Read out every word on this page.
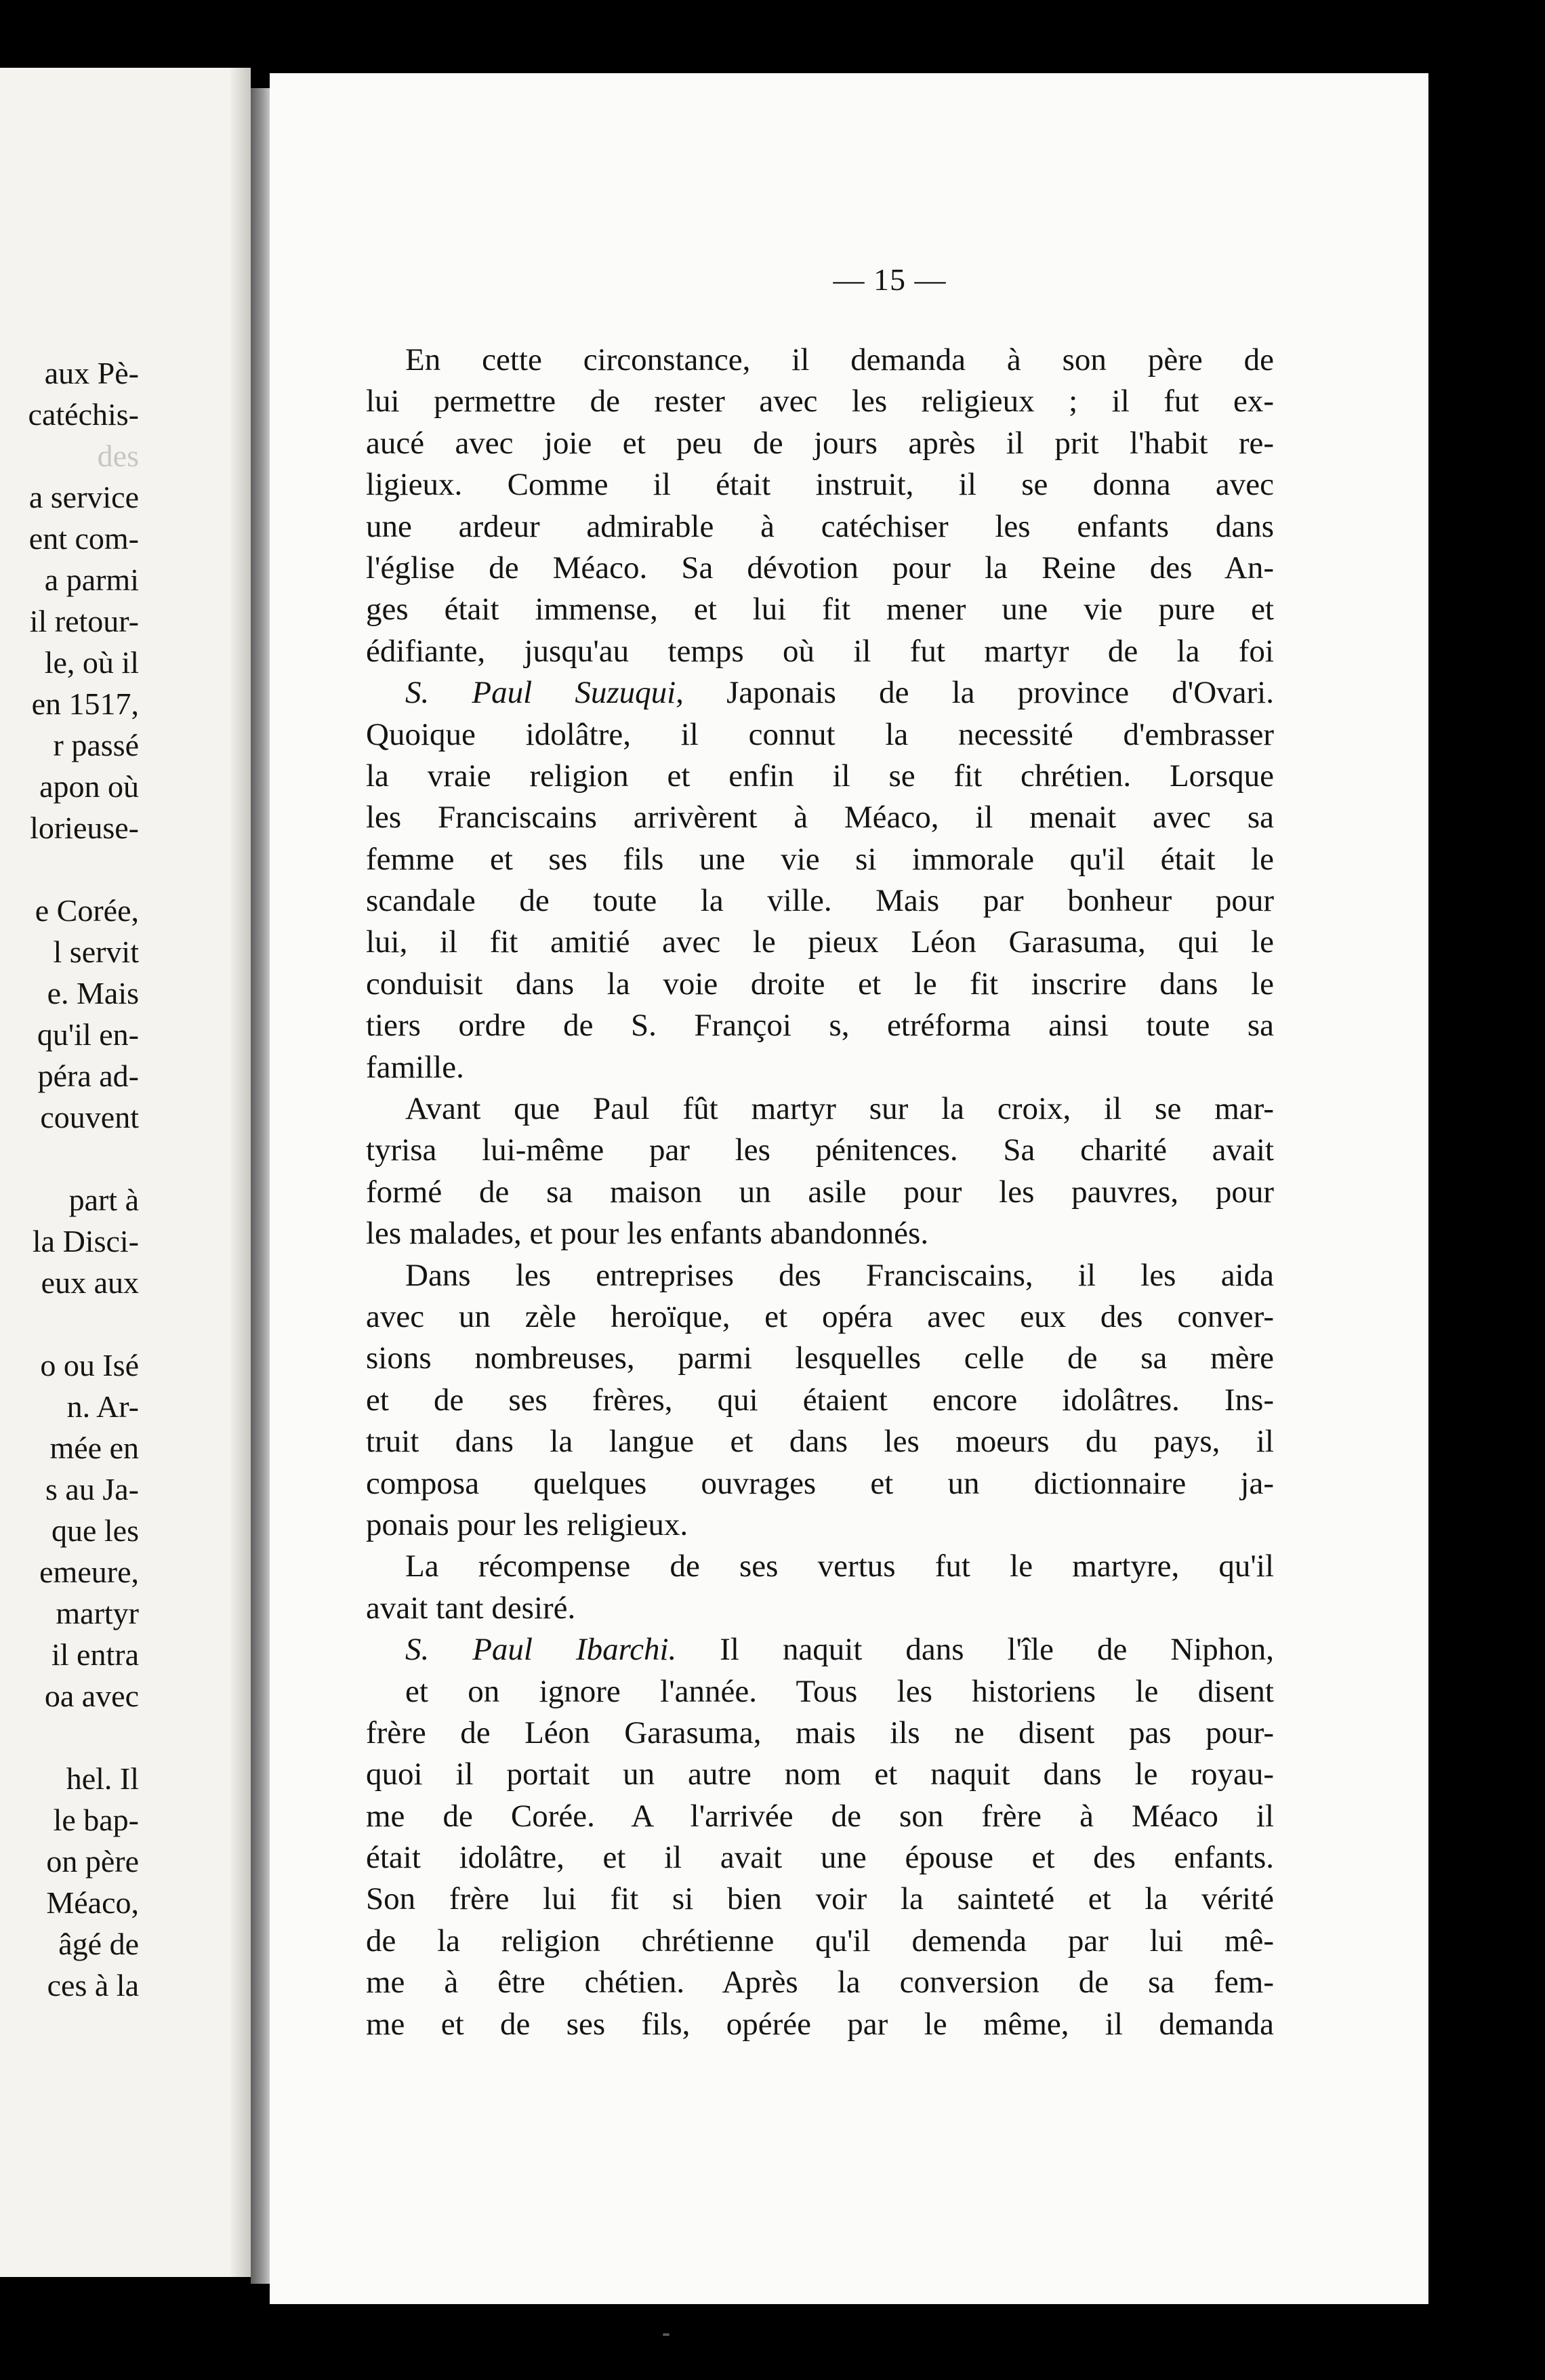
aux Pè-
catéchis-
des
a service
ent com-
a parmi
il retour-
le, où il
en 1517,
r passé
apon où
lorieuse-
e Corée,
l servit
e. Mais
qu'il en-
péra ad-
couvent
part à
la Disci-
eux aux
o ou Isé
n. Ar-
mée en
s au Ja-
que les
emeure,
martyr
il entra
oa avec
hel. Il
le bap-
on père
Méaco,
âgé de
ces à la
— 15 —
En cette circonstance, il demanda à son père de
lui permettre de rester avec les religieux ; il fut ex-
aucé avec joie et peu de jours après il prit l'habit re-
ligieux. Comme il était instruit, il se donna avec
une ardeur admirable à catéchiser les enfants dans
l'église de Méaco. Sa dévotion pour la Reine des An-
ges était immense, et lui fit mener une vie pure et
édifiante, jusqu'au temps où il fut martyr de la foi
S. Paul Suzuqui, Japonais de la province d'Ovari.
Quoique idolâtre, il connut la necessité d'embrasser
la vraie religion et enfin il se fit chrétien. Lorsque
les Franciscains arrivèrent à Méaco, il menait avec sa
femme et ses fils une vie si immorale qu'il était le
scandale de toute la ville. Mais par bonheur pour
lui, il fit amitié avec le pieux Léon Garasuma, qui le
conduisit dans la voie droite et le fit inscrire dans le
tiers ordre de S. Françoi s, etréforma ainsi toute sa
famille.
Avant que Paul fût martyr sur la croix, il se mar-
tyrisa lui-même par les pénitences. Sa charité avait
formé de sa maison un asile pour les pauvres, pour
les malades, et pour les enfants abandonnés.
Dans les entreprises des Franciscains, il les aida
avec un zèle heroïque, et opéra avec eux des conver-
sions nombreuses, parmi lesquelles celle de sa mère
et de ses frères, qui étaient encore idolâtres. Ins-
truit dans la langue et dans les moeurs du pays, il
composa quelques ouvrages et un dictionnaire ja-
ponais pour les religieux.
La récompense de ses vertus fut le martyre, qu'il
avait tant desiré.
S. Paul Ibarchi. Il naquit dans l'île de Niphon,
et on ignore l'année. Tous les historiens le disent
frère de Léon Garasuma, mais ils ne disent pas pour-
quoi il portait un autre nom et naquit dans le royau-
me de Corée. A l'arrivée de son frère à Méaco il
était idolâtre, et il avait une épouse et des enfants.
Son frère lui fit si bien voir la sainteté et la vérité
de la religion chrétienne qu'il demenda par lui mê-
me à être chétien. Après la conversion de sa fem-
me et de ses fils, opérée par le même, il demanda
